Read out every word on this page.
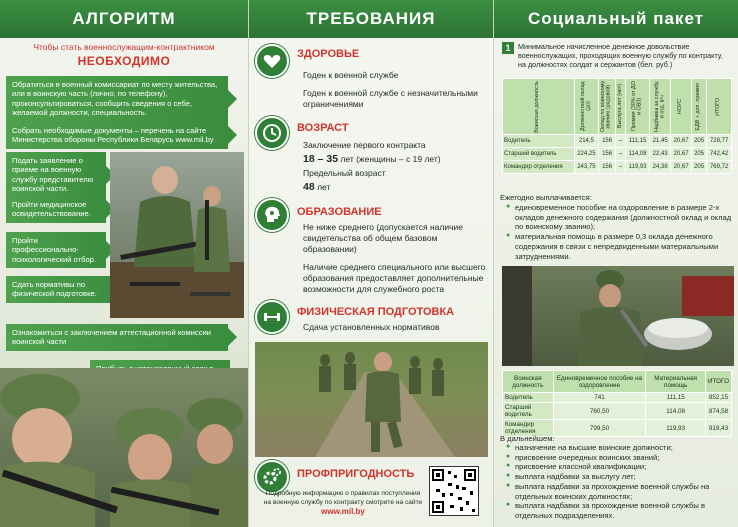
АЛГОРИТМ
Чтобы стать военнослужащим-контрактником
НЕОБХОДИМО
Обратиться в военный комиссариат по месту жительства, или в воинскую часть (лично, по телефону), проконсультироваться, сообщить сведения о себе, желаемой должности, специальность.
Собрать необходимые документы – перечень на сайте Министерства обороны Республики Беларусь www.mil.by
Подать заявление о приеме на военную службу представителю воинской части.
Пройти медицинское освидетельствование.
Пройти профессионально-психологический отбор.
Сдать нормативы по физической подготовке.
Ознакомиться с заключением аттестационной комиссии воинской части
ТРЕБОВАНИЯ
ЗДОРОВЬЕ
Годен к военной службе
Годен к военной службе с незначительными ограничениями
ВОЗРАСТ
Заключение первого контракта
18 – 35 лет (женщины – с 19 лет)
Предельный возраст
48 лет
ОБРАЗОВАНИЕ
Не ниже среднего (допускается наличие свидетельства об общем базовом образовании)
Наличие среднего специального или высшего образования предоставляет дополнительные возможности для служебного роста
ФИЗИЧЕСКАЯ ПОДГОТОВКА
Сдача установленных нормативов
ПРОФПРИГОДНОСТЬ
Подробную информацию о правилах поступления на военную службу по контракту смотрите на сайте www.mil.by
Социальный пакет
1	Минимальное начисленное денежное довольствие военнослужащих, проходящих военную службу по контракту, на должностях солдат и сержантов (бел. руб.)
Воинская должность	Должностной оклад (до)	Оклад по воинскому званию (рядовой)	Выслуга лет (нет)	Премия (30% от ДО и ОВЗ)	Надбавка за службу в отд. в/ч	НОУС	ЕДВ + доп. премия	ИТОГО

Водитель	214,5	156	–	111,15	21,45	20,67	205	728,77
Старший водитель	224,25	156	–	114,08	22,43	20,67	205	742,42
Командир отделения	243,75	156	–	119,93	24,38	20,67	205	769,72
Ежегодно выплачивается:
● единовременное пособие на оздоровление в размере 2-х окладов денежного содержания (должностной оклад и оклад по воинскому званию);
● материальная помощь в размере 0,3 оклада денежного содержания в связи с непредвиденными материальными затруднениями.
Воинская должность	Единовременное пособие на оздоровление	Материальная помощь	ИТОГО
Водитель	741	111,15	852,15
Старший водитель	760,50	114,08	874,58
Командир отделения	799,50	119,93	919,43
В дальнейшем:
● назначение на высшие воинские должности;
● присвоение очередных воинских званий;
● присвоение классной квалификации;
● выплата надбавки за выслугу лет;
● выплата надбавки за прохождение военной службы на отдельных воинских должностях;
● выплата надбавки за прохождение военной службы в отдельных подразделениях.
